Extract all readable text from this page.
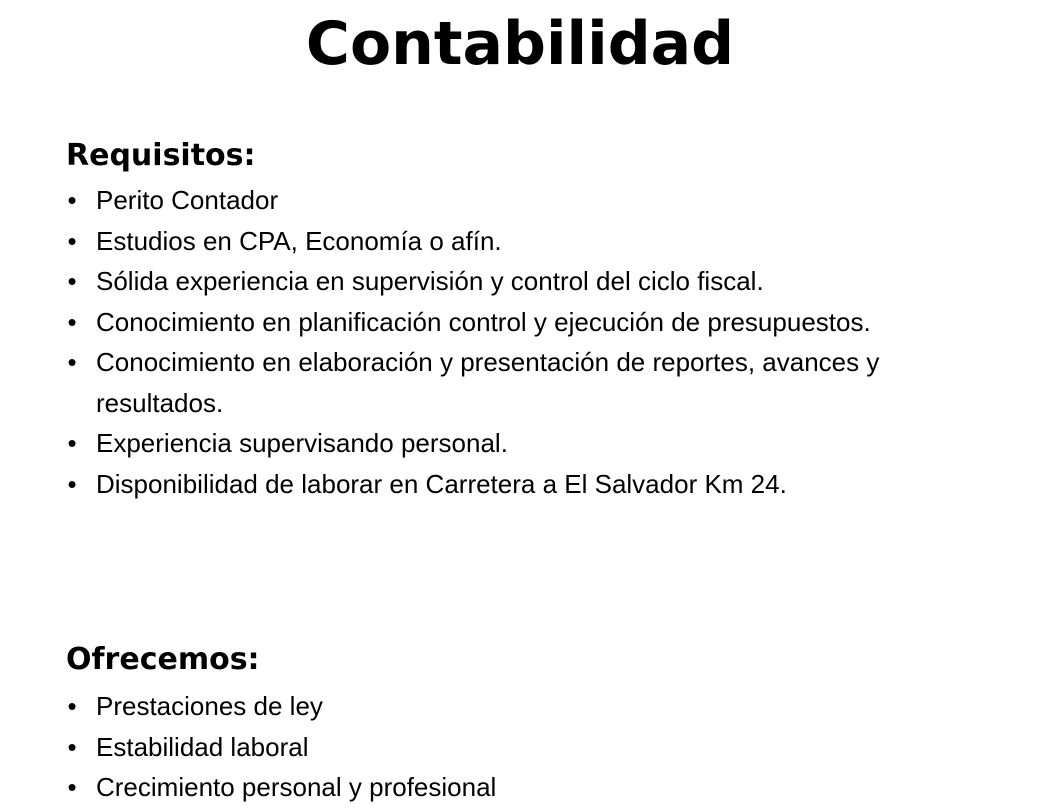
Contabilidad
Requisitos:
• Perito Contador
• Estudios en CPA, Economía o afín.
• Sólida experiencia en supervisión y control del ciclo fiscal.
• Conocimiento en planificación control y ejecución de presupuestos.
• Conocimiento en elaboración y presentación de reportes, avances y resultados.
• Experiencia supervisando personal.
• Disponibilidad de laborar en Carretera a El Salvador Km 24.
Ofrecemos:
• Prestaciones de ley
• Estabilidad laboral
• Crecimiento personal y profesional
